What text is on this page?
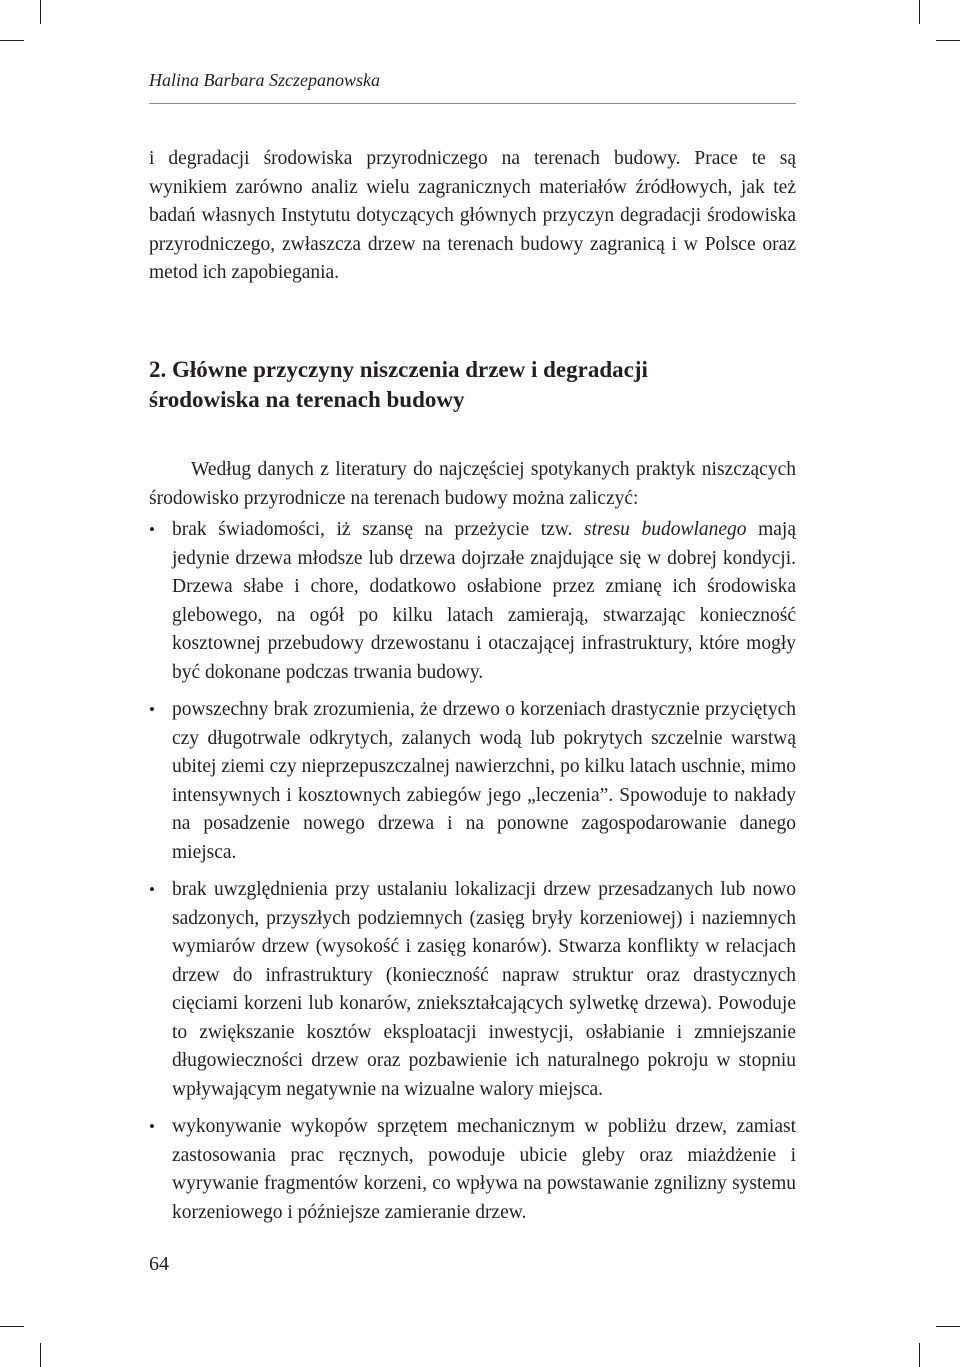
Halina Barbara Szczepanowska

i degradacji środowiska przyrodniczego na terenach budowy. Prace te są wynikiem zarówno analiz wielu zagranicznych materiałów źródłowych, jak też badań własnych Instytutu dotyczących głównych przyczyn degradacji środowiska przyrodniczego, zwłaszcza drzew na terenach budowy zagranicą i w Polsce oraz metod ich zapobiegania.

2. Główne przyczyny niszczenia drzew i degradacji
środowiska na terenach budowy

Według danych z literatury do najczęściej spotykanych praktyk niszczących środowisko przyrodnicze na terenach budowy można zaliczyć:

• brak świadomości, iż szansę na przeżycie tzw. stresu budowlanego mają jedynie drzewa młodsze lub drzewa dojrzałe znajdujące się w dobrej kondycji. Drzewa słabe i chore, dodatkowo osłabione przez zmianę ich środowiska glebowego, na ogół po kilku latach zamierają, stwarzając konieczność kosztownej przebudowy drzewostanu i otaczającej infrastruktury, które mogły być dokonane podczas trwania budowy.
• powszechny brak zrozumienia, że drzewo o korzeniach drastycznie przyciętych czy długotrwale odkrytych, zalanych wodą lub pokrytych szczelnie warstwą ubitej ziemi czy nieprzepuszczalnej nawierzchni, po kilku latach uschnie, mimo intensywnych i kosztownych zabiegów jego „leczenia”. Spowoduje to nakłady na posadzenie nowego drzewa i na ponowne zagospodarowanie danego miejsca.
• brak uwzględnienia przy ustalaniu lokalizacji drzew przesadzanych lub nowo sadzonych, przyszłych podziemnych (zasięg bryły korzeniowej) i naziemnych wymiarów drzew (wysokość i zasięg konarów). Stwarza konflikty w relacjach drzew do infrastruktury (konieczność napraw struktur oraz drastycznych cięciami korzeni lub konarów, zniekształcających sylwetkę drzewa). Powoduje to zwiększanie kosztów eksploatacji inwestycji, osłabianie i zmniejszanie długowieczności drzew oraz pozbawienie ich naturalnego pokroju w stopniu wpływającym negatywnie na wizualne walory miejsca.
• wykonywanie wykopów sprzętem mechanicznym w pobliżu drzew, zamiast zastosowania prac ręcznych, powoduje ubicie gleby oraz miażdżenie i wyrywanie fragmentów korzeni, co wpływa na powstawanie zgnilizny systemu korzeniowego i późniejsze zamieranie drzew.
64
